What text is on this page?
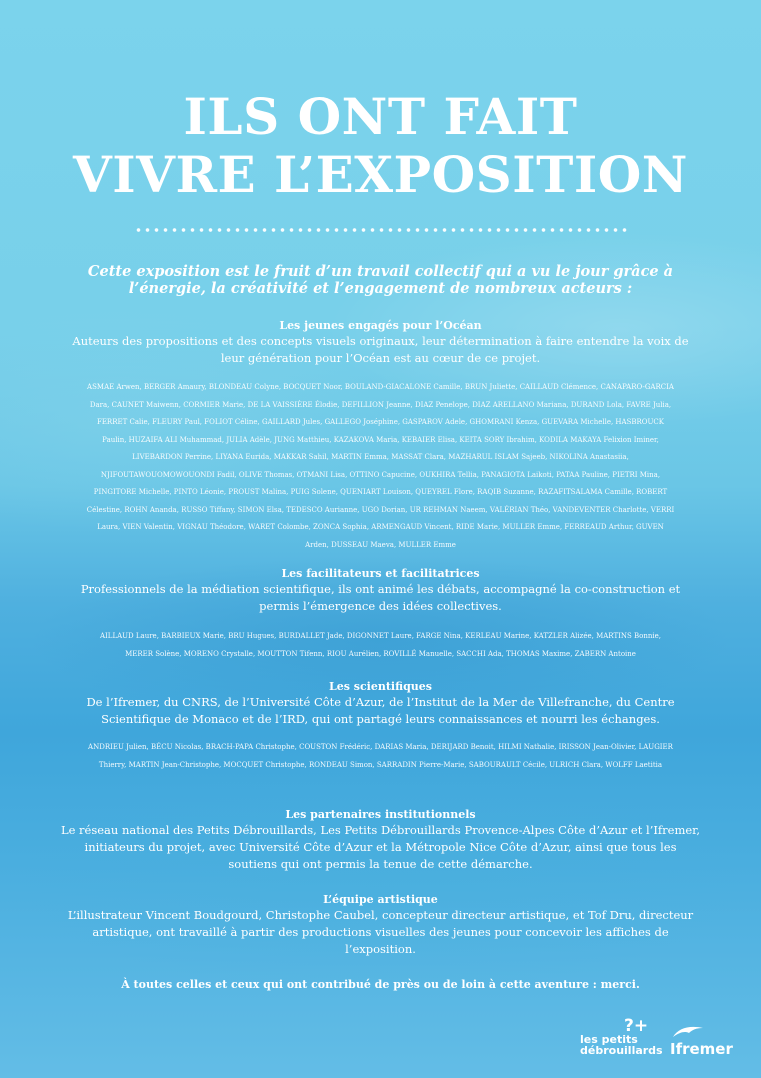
ILS ONT FAIT
VIVRE L’EXPOSITION
Cette exposition est le fruit d’un travail collectif qui a vu le jour grâce à l’énergie, la créativité et l’engagement de nombreux acteurs :
Les jeunes engagés pour l’Océan
Auteurs des propositions et des concepts visuels originaux, leur détermination à faire entendre la voix de leur génération pour l’Océan est au cœur de ce projet.
ASMAE Arwen, BERGER Amaury, BLONDEAU Colyne, BOCQUET Noor, BOULAND-GIACALONE Camille, BRUN Juliette, CAILLAUD Clémence, CANAPARO-GARCIA Dara, CAUNET Maiwenn, CORMIER Marie, DE LA VAISSIÈRE Élodie, DEFILLION Jeanne, DIAZ Penelope, DIAZ ARELLANO Mariana, DURAND Lola, FAVRE Julia, FERRET Calie, FLEURY Paul, FOLIOT Céline, GAILLARD Jules, GALLEGO Joséphine, GASPAROV Adele, GHOMRANI Kenza, GUEVARA Michelle, HASBROUCK Paulin, HUZAIFA ALI Muhammad, JULIA Adèle, JUNG Matthieu, KAZAKOVA Maria, KEBAIER Elisa, KEITA SORY Ibrahim, KODILA MAKAYA Felixion Iminer, LIVEBARDON Perrine, LIYANA Eurida, MAKKAR Sahil, MARTIN Emma, MASSAT Clara, MAZHARUL ISLAM Sajeeb, NIKOLINA Anastasiia, NJIFOUTAWOUOMOWOUONDI Fadil, OLIVE Thomas, OTMANI Lisa, OTTINO Capucine, OUKHIRA Tellia, PANAGIOTA Laikoti, PATAA Pauline, PIETRI Mina, PINGITORE Michelle, PINTO Léonie, PROUST Malina, PUIG Solene, QUENIART Louison, QUEYREL Flore, RAQIB Suzanne, RAZAFITSALAMA Camille, ROBERT Célestine, ROHN Ananda, RUSSO Tiffany, SIMON Elsa, TEDESCO Aurianne, UGO Dorian, UR REHMAN Naeem, VALÉRIAN Théo, VANDEVENTER Charlotte, VERRI Laura, VIEN Valentin, VIGNAU Théodore, WARET Colombe, ZONCA Sophia, ARMENGAUD Vincent, RIDE Marie, MULLER Emme, FERREAUD Arthur, GUVEN Arden, DUSSEAU Maeva, MULLER Emme
Les facilitateurs et facilitatrices
Professionnels de la médiation scientifique, ils ont animé les débats, accompagné la co-construction et permis l’émergence des idées collectives.
AILLAUD Laure, BARBIEUX Marie, BRU Hugues, BURDALLET Jade, DIGONNET Laure, FARGE Nina, KERLEAU Marine, KATZLER Alizée, MARTINS Bonnie, MERER Solène, MORENO Crystalle, MOUTTON Tifenn, RIOU Aurélien, ROVILLÉ Manuelle, SACCHI Ada, THOMAS Maxime, ZABERN Antoine
Les scientifiques
De l’Ifremer, du CNRS, de l’Université Côte d’Azur, de l’Institut de la Mer de Villefranche, du Centre Scientifique de Monaco et de l’IRD, qui ont partagé leurs connaissances et nourri les échanges.
ANDRIEU Julien, BÉCU Nicolas, BRACH-PAPA Christophe, COUSTON Frédéric, DARIAS Maria, DERIJARD Benoit, HILMI Nathalie, IRISSON Jean-Olivier, LAUGIER Thierry, MARTIN Jean-Christophe, MOCQUET Christophe, RONDEAU Simon, SARRADIN Pierre-Marie, SABOURAULT Cécile, ULRICH Clara, WOLFF Laetitia
Les partenaires institutionnels
Le réseau national des Petits Débrouillards, Les Petits Débrouillards Provence-Alpes Côte d’Azur et l’Ifremer, initiateurs du projet, avec Université Côte d’Azur et la Métropole Nice Côte d’Azur, ainsi que tous les soutiens qui ont permis la tenue de cette démarche.
L’équipe artistique
L’illustrateur Vincent Boudgourd, Christophe Caubel, concepteur directeur artistique, et Tof Dru, directeur artistique, ont travaillé à partir des productions visuelles des jeunes pour concevoir les affiches de l’exposition.
À toutes celles et ceux qui ont contribué de près ou de loin à cette aventure : merci.
?+
les petits
débrouillards Ifremer
